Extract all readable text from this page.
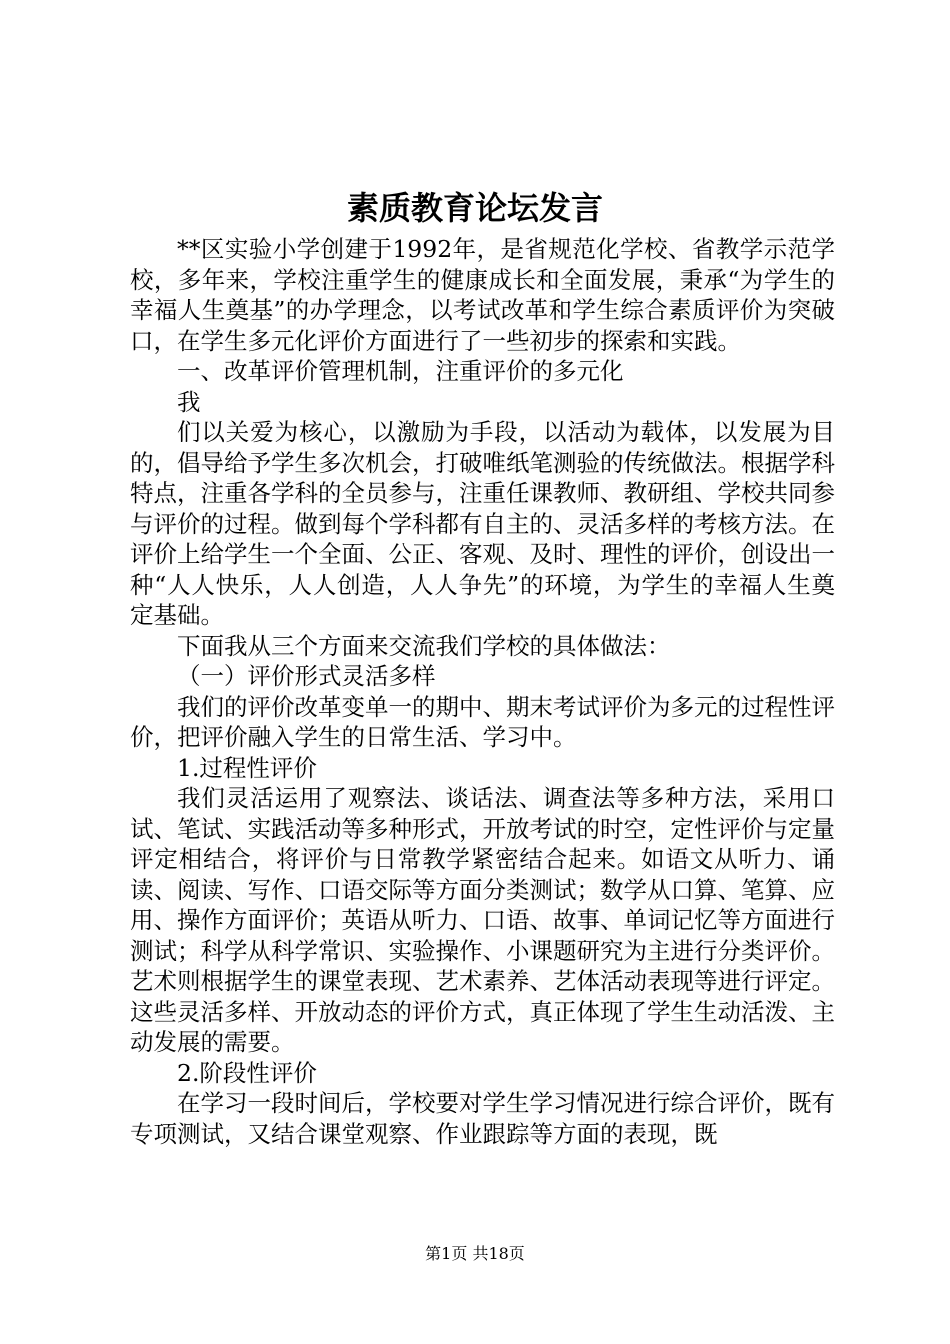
素质教育论坛发言

**区实验小学创建于1992年，是省规范化学校、省教学示范学校，多年来，学校注重学生的健康成长和全面发展，秉承“为学生的幸福人生奠基”的办学理念，以考试改革和学生综合素质评价为突破口，在学生多元化评价方面进行了一些初步的探索和实践。

一、改革评价管理机制，注重评价的多元化

我

们以关爱为核心，以激励为手段，以活动为载体，以发展为目的，倡导给予学生多次机会，打破唯纸笔测验的传统做法。根据学科特点，注重各学科的全员参与，注重任课教师、教研组、学校共同参与评价的过程。做到每个学科都有自主的、灵活多样的考核方法。在评价上给学生一个全面、公正、客观、及时、理性的评价，创设出一种“人人快乐，人人创造，人人争先”的环境，为学生的幸福人生奠定基础。

下面我从三个方面来交流我们学校的具体做法：

（一）评价形式灵活多样

我们的评价改革变单一的期中、期末考试评价为多元的过程性评价，把评价融入学生的日常生活、学习中。

1.过程性评价

我们灵活运用了观察法、谈话法、调查法等多种方法，采用口试、笔试、实践活动等多种形式，开放考试的时空，定性评价与定量评定相结合，将评价与日常教学紧密结合起来。如语文从听力、诵读、阅读、写作、口语交际等方面分类测试；数学从口算、笔算、应用、操作方面评价；英语从听力、口语、故事、单词记忆等方面进行测试；科学从科学常识、实验操作、小课题研究为主进行分类评价。艺术则根据学生的课堂表现、艺术素养、艺体活动表现等进行评定。这些灵活多样、开放动态的评价方式，真正体现了学生生动活泼、主动发展的需要。

2.阶段性评价

在学习一段时间后，学校要对学生学习情况进行综合评价，既有专项测试，又结合课堂观察、作业跟踪等方面的表现，既

第1页 共18页
